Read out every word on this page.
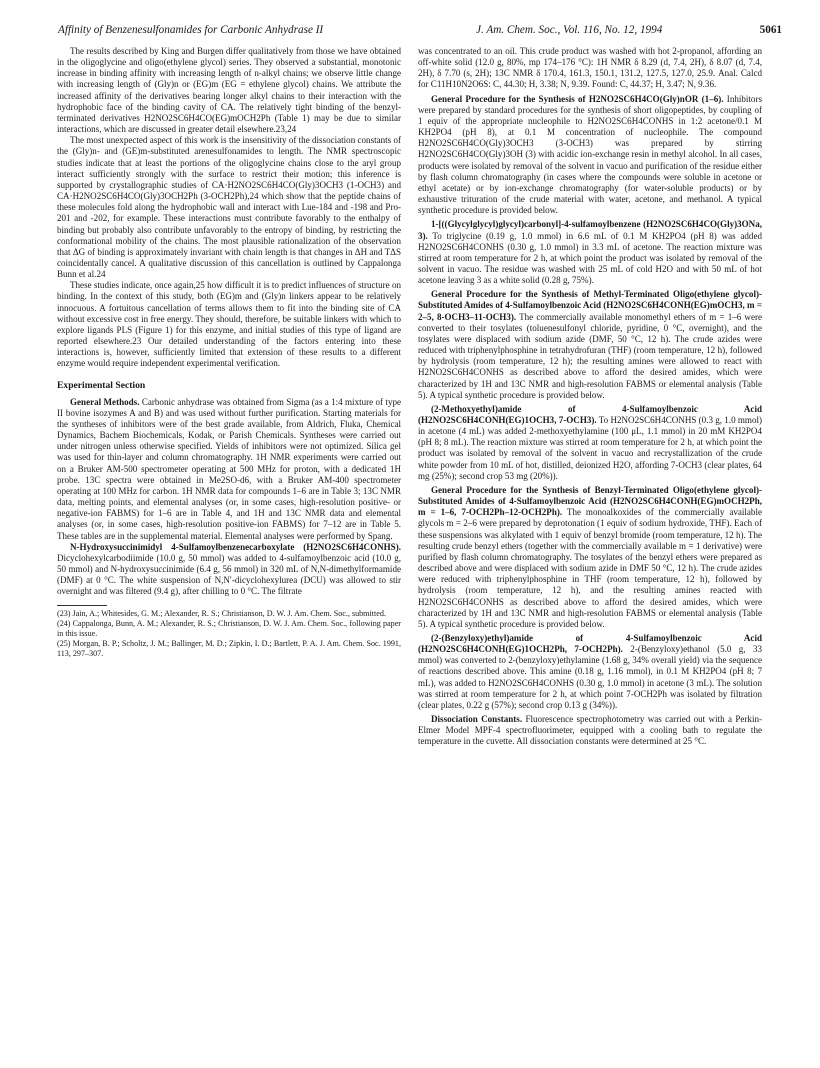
Affinity of Benzenesulfonamides for Carbonic Anhydrase II	J. Am. Chem. Soc., Vol. 116, No. 12, 1994	5061

The results described by King and Burgen differ qualitatively from those we have obtained in the oligoglycine and oligo(ethylene glycol) series. They observed a substantial, monotonic increase in binding affinity with increasing length of n-alkyl chains; we observe little change with increasing length of (Gly)n or (EG)m (EG = ethylene glycol) chains. We attribute the increased affinity of the derivatives bearing longer alkyl chains to their interaction with the hydrophobic face of the binding cavity of CA. The relatively tight binding of the benzyl-terminated derivatives H2NO2SC6H4CO(EG)mOCH2Ph (Table 1) may be due to similar interactions, which are discussed in greater detail elsewhere.23,24

The most unexpected aspect of this work is the insensitivity of the dissociation constants of the (Gly)n- and (GE)m-substituted arenesulfonamides to length. The NMR spectroscopic studies indicate that at least the portions of the oligoglycine chains close to the aryl group interact sufficiently strongly with the surface to restrict their motion; this inference is supported by crystallographic studies of CA·H2NO2SC6H4CO(Gly)3OCH3 (1-OCH3) and CA·H2NO2SC6H4CO(Gly)3OCH2Ph (3-OCH2Ph),24 which show that the peptide chains of these molecules fold along the hydrophobic wall and interact with Lue-184 and -198 and Pro-201 and -202, for example. These interactions must contribute favorably to the enthalpy of binding but probably also contribute unfavorably to the entropy of binding, by restricting the conformational mobility of the chains. The most plausible rationalization of the observation that ΔG of binding is approximately invariant with chain length is that changes in ΔH and TΔS coincidentally cancel. A qualitative discussion of this cancellation is outlined by Cappalonga Bunn et al.24

These studies indicate, once again,25 how difficult it is to predict influences of structure on binding. In the context of this study, both (EG)m and (Gly)n linkers appear to be relatively innocuous. A fortuitous cancellation of terms allows them to fit into the binding site of CA without excessive cost in free energy. They should, therefore, be suitable linkers with which to explore ligands PLS (Figure 1) for this enzyme, and initial studies of this type of ligand are reported elsewhere.23 Our detailed understanding of the factors entering into these interactions is, however, sufficiently limited that extension of these results to a different enzyme would require independent experimental verification.

Experimental Section

General Methods. Carbonic anhydrase was obtained from Sigma (as a 1:4 mixture of type II bovine isozymes A and B) and was used without further purification. Starting materials for the syntheses of inhibitors were of the best grade available, from Aldrich, Fluka, Chemical Dynamics, Bachem Biochemicals, Kodak, or Parish Chemicals. Syntheses were carried out under nitrogen unless otherwise specified. Yields of inhibitors were not optimized. Silica gel was used for thin-layer and column chromatography. 1H NMR experiments were carried out on a Bruker AM-500 spectrometer operating at 500 MHz for proton, with a dedicated 1H probe. 13C spectra were obtained in Me2SO-d6, with a Bruker AM-400 spectrometer operating at 100 MHz for carbon. 1H NMR data for compounds 1–6 are in Table 3; 13C NMR data, melting points, and elemental analyses (or, in some cases, high-resolution positive- or negative-ion FABMS) for 1–6 are in Table 4, and 1H and 13C NMR data and elemental analyses (or, in some cases, high-resolution positive-ion FABMS) for 7–12 are in Table 5. These tables are in the supplemental material. Elemental analyses were performed by Spang.

N-Hydroxysuccinimidyl 4-Sulfamoylbenzenecarboxylate (H2NO2SC6H4CONHS). Dicyclohexylcarbodiimide (10.0 g, 50 mmol) was added to 4-sulfamoylbenzoic acid (10.0 g, 50 mmol) and N-hydroxysuccinimide (6.4 g, 56 mmol) in 320 mL of N,N-dimethylformamide (DMF) at 0 °C. The white suspension of N,N′-dicyclohexylurea (DCU) was allowed to stir overnight and was filtered (9.4 g), after chilling to 0 °C. The filtrate

(23) Jain, A.; Whitesides, G. M.; Alexander, R. S.; Christianson, D. W. J. Am. Chem. Soc., submitted.

(24) Cappalonga, Bunn, A. M.; Alexander, R. S.; Christianson, D. W. J. Am. Chem. Soc., following paper in this issue.

(25) Morgan, B. P.; Scholtz, J. M.; Ballinger, M. D.; Zipkin, I. D.; Bartlett, P. A. J. Am. Chem. Soc. 1991, 113, 297–307.

was concentrated to an oil. This crude product was washed with hot 2-propanol, affording an off-white solid (12.0 g, 80%, mp 174–176 °C): 1H NMR δ 8.29 (d, 7.4, 2H), δ 8.07 (d, 7.4, 2H), δ 7.70 (s, 2H); 13C NMR δ 170.4, 161.3, 150.1, 131.2, 127.5, 127.0, 25.9. Anal. Calcd for C11H10N2O6S: C, 44.30; H, 3.38; N, 9.39. Found: C, 44.37; H, 3.47; N, 9.36.

General Procedure for the Synthesis of H2NO2SC6H4CO(Gly)nOR (1–6). Inhibitors were prepared by standard procedures for the synthesis of short oligopeptides, by coupling of 1 equiv of the appropriate nucleophile to H2NO2SC6H4CONHS in 1:2 acetone/0.1 M KH2PO4 (pH 8), at 0.1 M concentration of nucleophile. The compound H2NO2SC6H4CO(Gly)3OCH3 (3-OCH3) was prepared by stirring H2NO2SC6H4CO(Gly)3OH (3) with acidic ion-exchange resin in methyl alcohol. In all cases, products were isolated by removal of the solvent in vacuo and purification of the residue either by flash column chromatography (in cases where the compounds were soluble in acetone or ethyl acetate) or by ion-exchange chromatography (for water-soluble products) or by exhaustive trituration of the crude material with water, acetone, and methanol. A typical synthetic procedure is provided below.

1-[((Glycylglycyl)glycyl)carbonyl]-4-sulfamoylbenzene (H2NO2SC6H4CO(Gly)3ONa, 3). To triglycine (0.19 g, 1.0 mmol) in 6.6 mL of 0.1 M KH2PO4 (pH 8) was added H2NO2SC6H4CONHS (0.30 g, 1.0 mmol) in 3.3 mL of acetone. The reaction mixture was stirred at room temperature for 2 h, at which point the product was isolated by removal of the solvent in vacuo. The residue was washed with 25 mL of cold H2O and with 50 mL of hot acetone leaving 3 as a white solid (0.28 g, 75%).

General Procedure for the Synthesis of Methyl-Terminated Oligo(ethylene glycol)-Substituted Amides of 4-Sulfamoylbenzoic Acid (H2NO2SC6H4CONH(EG)mOCH3, m = 2–5, 8-OCH3–11-OCH3). The commercially available monomethyl ethers of m = 1–6 were converted to their tosylates (toluenesulfonyl chloride, pyridine, 0 °C, overnight), and the tosylates were displaced with sodium azide (DMF, 50 °C, 12 h). The crude azides were reduced with triphenylphosphine in tetrahydrofuran (THF) (room temperature, 12 h), followed by hydrolysis (room temperature, 12 h); the resulting amines were allowed to react with H2NO2SC6H4CONHS as described above to afford the desired amides, which were characterized by 1H and 13C NMR and high-resolution FABMS or elemental analysis (Table 5). A typical synthetic procedure is provided below.

(2-Methoxyethyl)amide of 4-Sulfamoylbenzoic Acid (H2NO2SC6H4CONH(EG)1OCH3, 7-OCH3). To H2NO2SC6H4CONHS (0.3 g, 1.0 mmol) in acetone (4 mL) was added 2-methoxyethylamine (100 μL, 1.1 mmol) in 20 mM KH2PO4 (pH 8; 8 mL). The reaction mixture was stirred at room temperature for 2 h, at which point the product was isolated by removal of the solvent in vacuo and recrystallization of the crude white powder from 10 mL of hot, distilled, deionized H2O, affording 7-OCH3 (clear plates, 64 mg (25%); second crop 53 mg (20%)).

General Procedure for the Synthesis of Benzyl-Terminated Oligo(ethylene glycol)-Substituted Amides of 4-Sulfamoylbenzoic Acid (H2NO2SC6H4CONH(EG)mOCH2Ph, m = 1–6, 7-OCH2Ph–12-OCH2Ph). The monoalkoxides of the commercially available glycols m = 2–6 were prepared by deprotonation (1 equiv of sodium hydroxide, THF). Each of these suspensions was alkylated with 1 equiv of benzyl bromide (room temperature, 12 h). The resulting crude benzyl ethers (together with the commercially available m = 1 derivative) were purified by flash column chromatography. The tosylates of the benzyl ethers were prepared as described above and were displaced with sodium azide in DMF 50 °C, 12 h). The crude azides were reduced with triphenylphosphine in THF (room temperature, 12 h), followed by hydrolysis (room temperature, 12 h), and the resulting amines reacted with H2NO2SC6H4CONHS as described above to afford the desired amides, which were characterized by 1H and 13C NMR and high-resolution FABMS or elemental analysis (Table 5). A typical synthetic procedure is provided below.

(2-(Benzyloxy)ethyl)amide of 4-Sulfamoylbenzoic Acid (H2NO2SC6H4CONH(EG)1OCH2Ph, 7-OCH2Ph). 2-(Benzyloxy)ethanol (5.0 g, 33 mmol) was converted to 2-(benzyloxy)ethylamine (1.68 g, 34% overall yield) via the sequence of reactions described above. This amine (0.18 g, 1.16 mmol), in 0.1 M KH2PO4 (pH 8; 7 mL), was added to H2NO2SC6H4CONHS (0.30 g, 1.0 mmol) in acetone (3 mL). The solution was stirred at room temperature for 2 h, at which point 7-OCH2Ph was isolated by filtration (clear plates, 0.22 g (57%); second crop 0.13 g (34%)).

Dissociation Constants. Fluorescence spectrophotometry was carried out with a Perkin-Elmer Model MPF-4 spectrofluorimeter, equipped with a cooling bath to regulate the temperature in the cuvette. All dissociation constants were determined at 25 °C.
